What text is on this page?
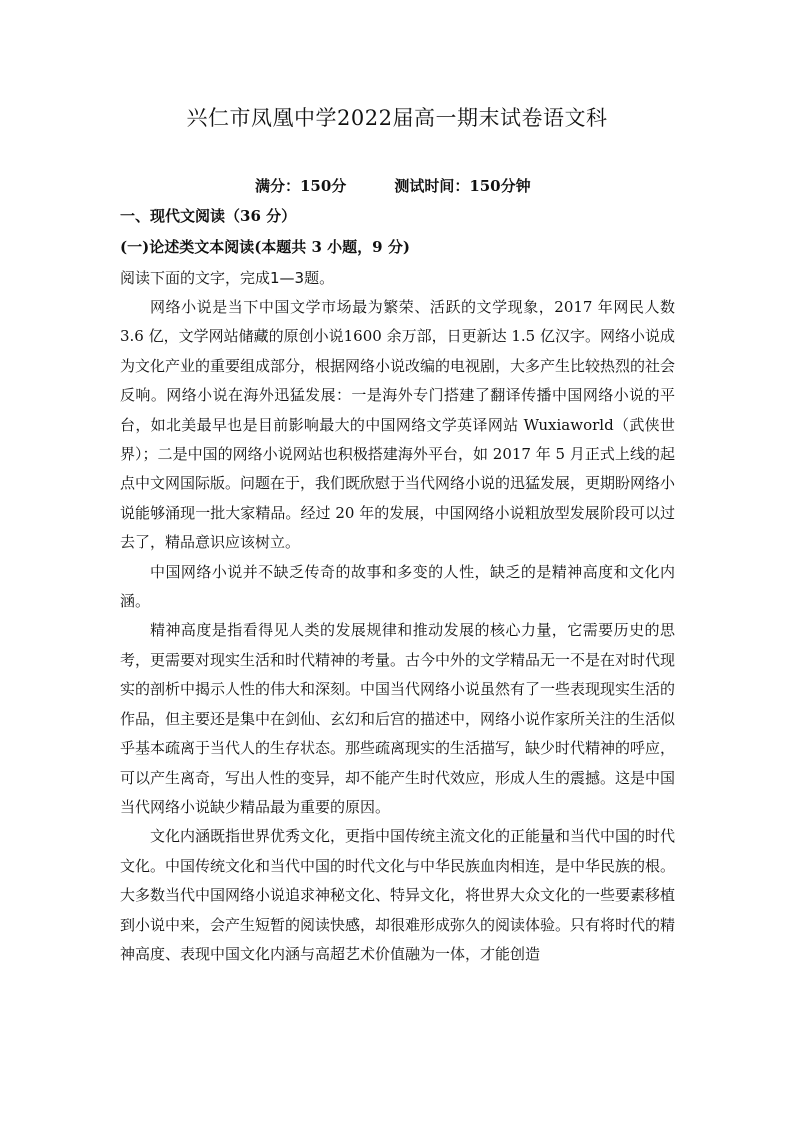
兴仁市凤凰中学2022届高一期末试卷语文科
满分：150分	测试时间：150分钟
一、现代文阅读（36 分）
(一)论述类文本阅读(本题共 3 小题，9 分)
阅读下面的文字，完成1—3题。

网络小说是当下中国文学市场最为繁荣、活跃的文学现象，2017 年网民人数 3.6 亿，文学网站储藏的原创小说1600 余万部，日更新达 1.5 亿汉字。网络小说成为文化产业的重要组成部分，根据网络小说改编的电视剧，大多产生比较热烈的社会反响。网络小说在海外迅猛发展：一是海外专门搭建了翻译传播中国网络小说的平台，如北美最早也是目前影响最大的中国网络文学英译网站 Wuxiaworld（武侠世界）；二是中国的网络小说网站也积极搭建海外平台，如 2017 年 5 月正式上线的起点中文网国际版。问题在于，我们既欣慰于当代网络小说的迅猛发展，更期盼网络小说能够涌现一批大家精品。经过 20 年的发展，中国网络小说粗放型发展阶段可以过去了，精品意识应该树立。

中国网络小说并不缺乏传奇的故事和多变的人性，缺乏的是精神高度和文化内涵。

精神高度是指看得见人类的发展规律和推动发展的核心力量，它需要历史的思考，更需要对现实生活和时代精神的考量。古今中外的文学精品无一不是在对时代现实的剖析中揭示人性的伟大和深刻。中国当代网络小说虽然有了一些表现现实生活的作品，但主要还是集中在剑仙、玄幻和后宫的描述中，网络小说作家所关注的生活似乎基本疏离于当代人的生存状态。那些疏离现实的生活描写，缺少时代精神的呼应，可以产生离奇，写出人性的变异，却不能产生时代效应，形成人生的震撼。这是中国当代网络小说缺少精品最为重要的原因。

文化内涵既指世界优秀文化，更指中国传统主流文化的正能量和当代中国的时代文化。中国传统文化和当代中国的时代文化与中华民族血肉相连，是中华民族的根。大多数当代中国网络小说追求神秘文化、特异文化，将世界大众文化的一些要素移植到小说中来，会产生短暂的阅读快感，却很难形成弥久的阅读体验。只有将时代的精神高度、表现中国文化内涵与高超艺术价值融为一体，才能创造
